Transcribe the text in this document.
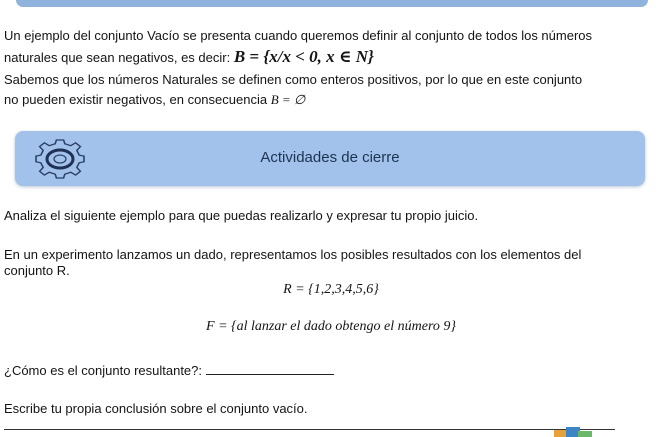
Un ejemplo del conjunto Vacío se presenta cuando queremos definir al conjunto de todos los números
naturales que sean negativos, es decir: B = {x/x < 0, x ∈ N}
Sabemos que los números Naturales se definen como enteros positivos, por lo que en este conjunto
no pueden existir negativos, en consecuencia B = ∅
Actividades de cierre
Analiza el siguiente ejemplo para que puedas realizarlo y expresar tu propio juicio.
En un experimento lanzamos un dado, representamos los posibles resultados con los elementos del
conjunto R.
R = {1,2,3,4,5,6}
F = {al lanzar el dado obtengo el número 9}
¿Cómo es el conjunto resultante?:
Escribe tu propia conclusión sobre el conjunto vacío.
